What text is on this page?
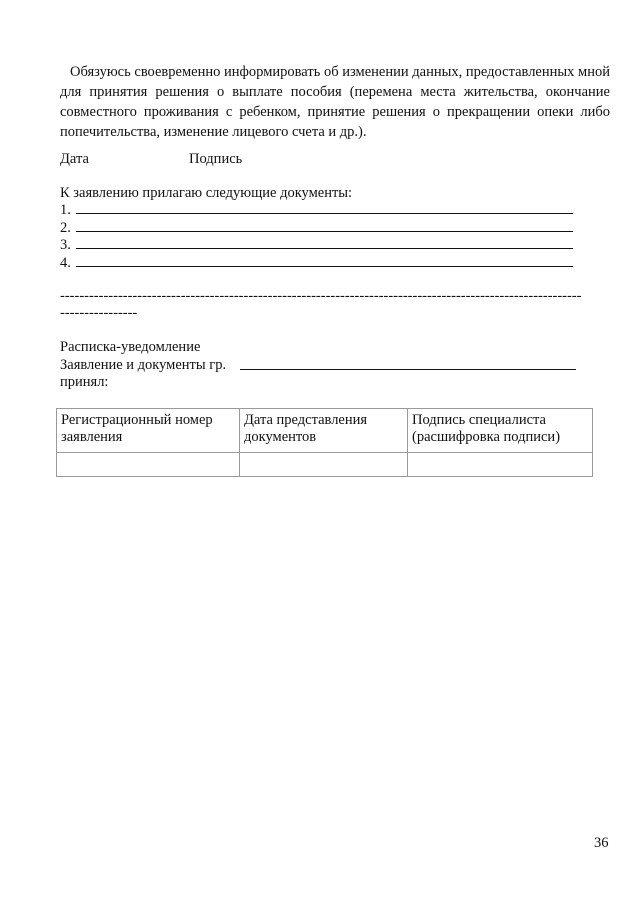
Обязуюсь своевременно информировать об изменении данных, предоставленных мной для принятия решения о выплате пособия (перемена места жительства, окончание совместного проживания с ребенком, принятие решения о прекращении опеки либо попечительства, изменение лицевого счета и др.).

Дата	Подпись

К заявлению прилагаю следующие документы:

1.

2.

3.

4.

------------------------------------------------------------------------------------------------------------

----------------

Расписка-уведомление

Заявление и документы гр.

принял:

Регистрационный номер заявления	Дата представления документов	Подпись специалиста (расшифровка подписи)

36
